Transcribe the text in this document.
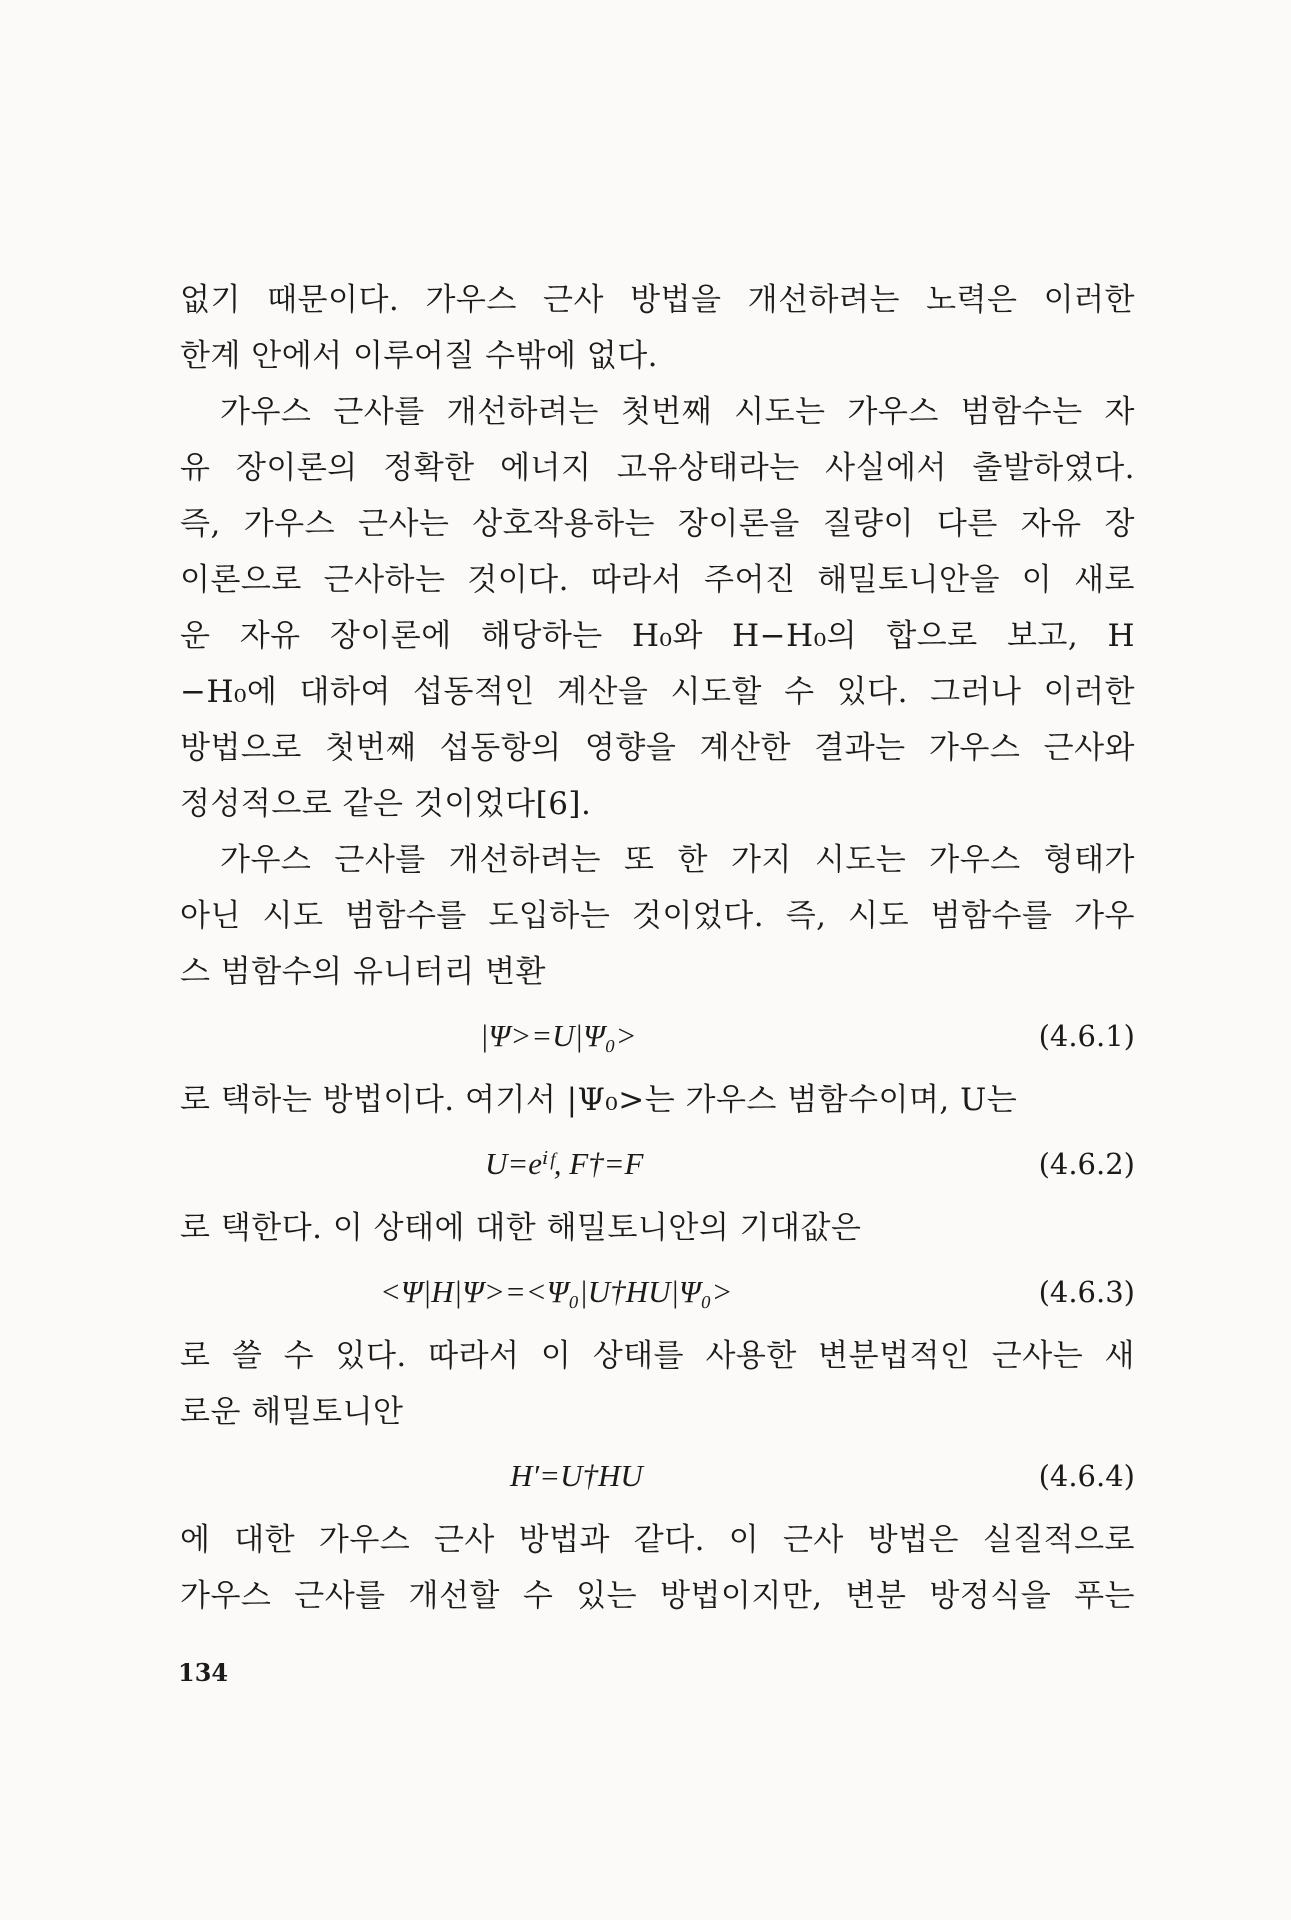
없기 때문이다. 가우스 근사 방법을 개선하려는 노력은 이러한
한계 안에서 이루어질 수밖에 없다.
가우스 근사를 개선하려는 첫번째 시도는 가우스 범함수는 자
유 장이론의 정확한 에너지 고유상태라는 사실에서 출발하였다.
즉, 가우스 근사는 상호작용하는 장이론을 질량이 다른 자유 장
이론으로 근사하는 것이다. 따라서 주어진 해밀토니안을 이 새로
운 자유 장이론에 해당하는 H₀와 H−H₀의 합으로 보고, H
−H₀에 대하여 섭동적인 계산을 시도할 수 있다. 그러나 이러한
방법으로 첫번째 섭동항의 영향을 계산한 결과는 가우스 근사와
정성적으로 같은 것이었다[6].
가우스 근사를 개선하려는 또 한 가지 시도는 가우스 형태가
아닌 시도 범함수를 도입하는 것이었다. 즉, 시도 범함수를 가우
스 범함수의 유니터리 변환
|Ψ>=U|Ψ₀>	(4.6.1)
로 택하는 방법이다. 여기서 |Ψ₀>는 가우스 범함수이며, U는
U=eⁱᶠ, F†=F	(4.6.2)
로 택한다. 이 상태에 대한 해밀토니안의 기대값은
<Ψ|H|Ψ>=<Ψ₀|U†HU|Ψ₀>	(4.6.3)
로 쓸 수 있다. 따라서 이 상태를 사용한 변분법적인 근사는 새
로운 해밀토니안
H′=U†HU	(4.6.4)
에 대한 가우스 근사 방법과 같다. 이 근사 방법은 실질적으로
가우스 근사를 개선할 수 있는 방법이지만, 변분 방정식을 푸는
134
